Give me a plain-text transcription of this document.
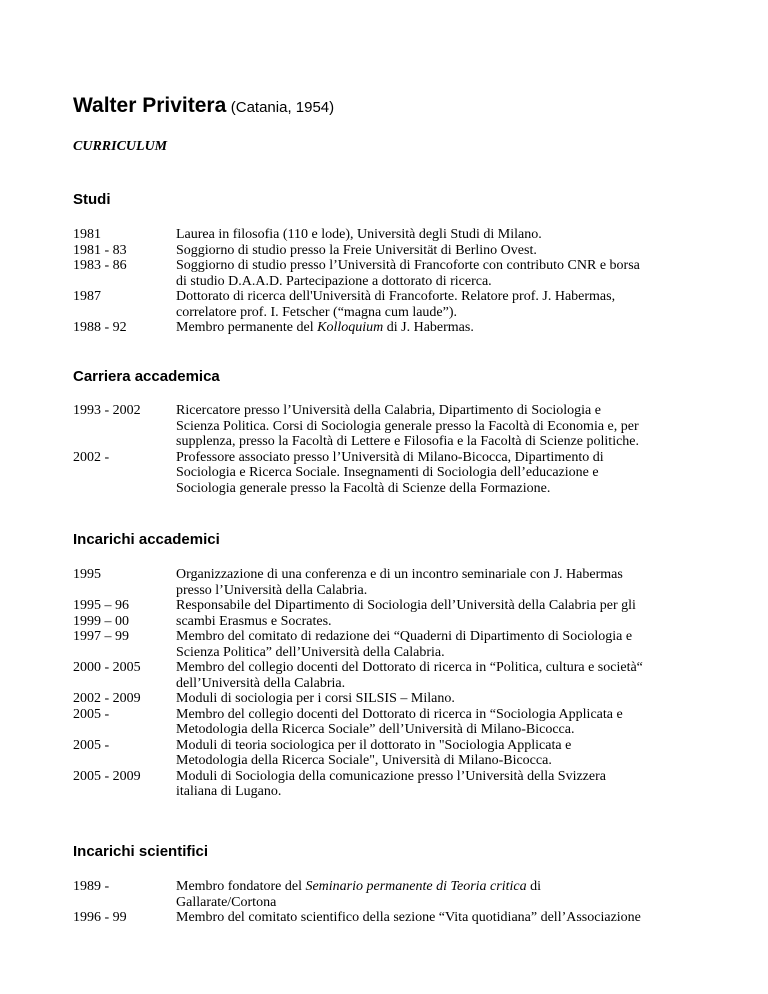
Walter Privitera (Catania, 1954)
CURRICULUM
Studi
1981	Laurea in filosofia (110 e lode), Università degli Studi di Milano.
1981 - 83	Soggiorno di studio presso la Freie Universität di Berlino Ovest.
1983 - 86	Soggiorno di studio presso l’Università di Francoforte con contributo CNR e borsa
di studio D.A.A.D. Partecipazione a dottorato di ricerca.
1987	Dottorato di ricerca dell'Università di Francoforte. Relatore prof. J. Habermas,
correlatore prof. I. Fetscher (“magna cum laude”).
1988 - 92	Membro permanente del Kolloquium di J. Habermas.
Carriera accademica
1993 - 2002	Ricercatore presso l’Università della Calabria, Dipartimento di Sociologia e
Scienza Politica. Corsi di Sociologia generale presso la Facoltà di Economia e, per
supplenza, presso la Facoltà di Lettere e Filosofia e la Facoltà di Scienze politiche.
2002 -	Professore associato presso l’Università di Milano-Bicocca, Dipartimento di
Sociologia e Ricerca Sociale. Insegnamenti di Sociologia dell’educazione e
Sociologia generale presso la Facoltà di Scienze della Formazione.
Incarichi accademici
1995	Organizzazione di una conferenza e di un incontro seminariale con J. Habermas
presso l’Università della Calabria.
1995 – 96	Responsabile del Dipartimento di Sociologia dell’Università della Calabria per gli
1999 – 00	scambi Erasmus e Socrates.
1997 – 99	Membro del comitato di redazione dei “Quaderni di Dipartimento di Sociologia e
Scienza Politica” dell’Università della Calabria.
2000 - 2005	Membro del collegio docenti del Dottorato di ricerca in “Politica, cultura e società“
dell’Università della Calabria.
2002 - 2009	Moduli di sociologia per i corsi SILSIS – Milano.
2005 -	Membro del collegio docenti del Dottorato di ricerca in “Sociologia Applicata e
Metodologia della Ricerca Sociale” dell’Università di Milano-Bicocca.
2005 -	Moduli di teoria sociologica per il dottorato in "Sociologia Applicata e
Metodologia della Ricerca Sociale", Università di Milano-Bicocca.
2005 - 2009	Moduli di Sociologia della comunicazione presso l’Università della Svizzera
italiana di Lugano.
Incarichi scientifici
1989 -	Membro fondatore del Seminario permanente di Teoria critica di
Gallarate/Cortona
1996 - 99	Membro del comitato scientifico della sezione “Vita quotidiana” dell’Associazione
